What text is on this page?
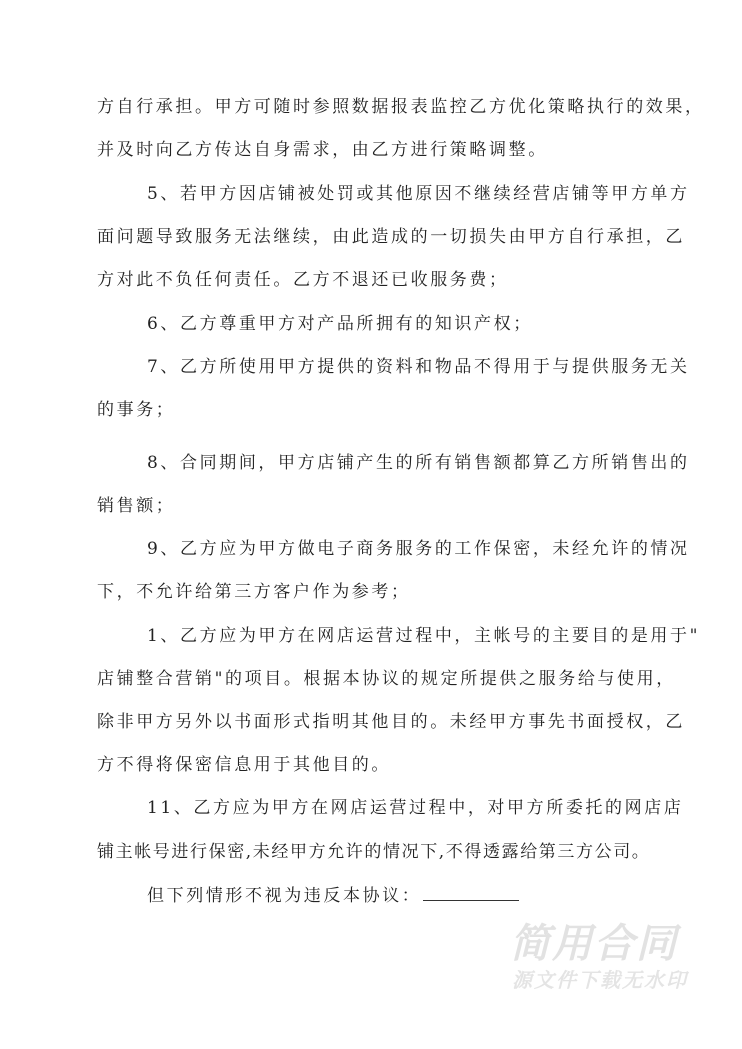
方自行承担。甲方可随时参照数据报表监控乙方优化策略执行的效果，
并及时向乙方传达自身需求，由乙方进行策略调整。
5、若甲方因店铺被处罚或其他原因不继续经营店铺等甲方单方
面问题导致服务无法继续，由此造成的一切损失由甲方自行承担，乙
方对此不负任何责任。乙方不退还已收服务费；
6、乙方尊重甲方对产品所拥有的知识产权；
7、乙方所使用甲方提供的资料和物品不得用于与提供服务无关
的事务；
8、合同期间，甲方店铺产生的所有销售额都算乙方所销售出的
销售额；
9、乙方应为甲方做电子商务服务的工作保密，未经允许的情况
下，不允许给第三方客户作为参考；
1、乙方应为甲方在网店运营过程中，主帐号的主要目的是用于"
店铺整合营销"的项目。根据本协议的规定所提供之服务给与使用，
除非甲方另外以书面形式指明其他目的。未经甲方事先书面授权，乙
方不得将保密信息用于其他目的。
11、乙方应为甲方在网店运营过程中，对甲方所委托的网店店
铺主帐号进行保密,未经甲方允许的情况下,不得透露给第三方公司。
但下列情形不视为违反本协议：
简用合同
源文件下载无水印
